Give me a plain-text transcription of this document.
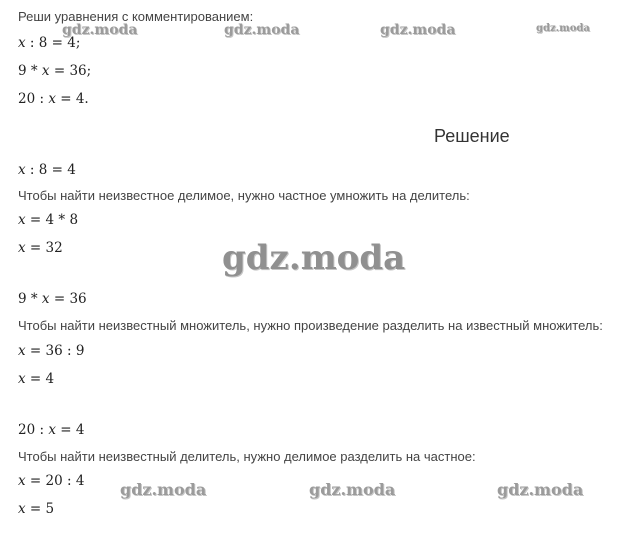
Реши уравнения с комментированием:
x : 8 = 4;
9 * x = 36;
20 : x = 4.
Решение
x : 8 = 4
Чтобы найти неизвестное делимое, нужно частное умножить на делитель:
x = 4 * 8
x = 32
9 * x = 36
Чтобы найти неизвестный множитель, нужно произведение разделить на известный множитель:
x = 36 : 9
x = 4
20 : x = 4
Чтобы найти неизвестный делитель, нужно делимое разделить на частное:
x = 20 : 4
x = 5
gdz.moda	gdz.moda	gdz.moda	gdz.moda
gdz.moda
gdz.moda	gdz.moda	gdz.moda
